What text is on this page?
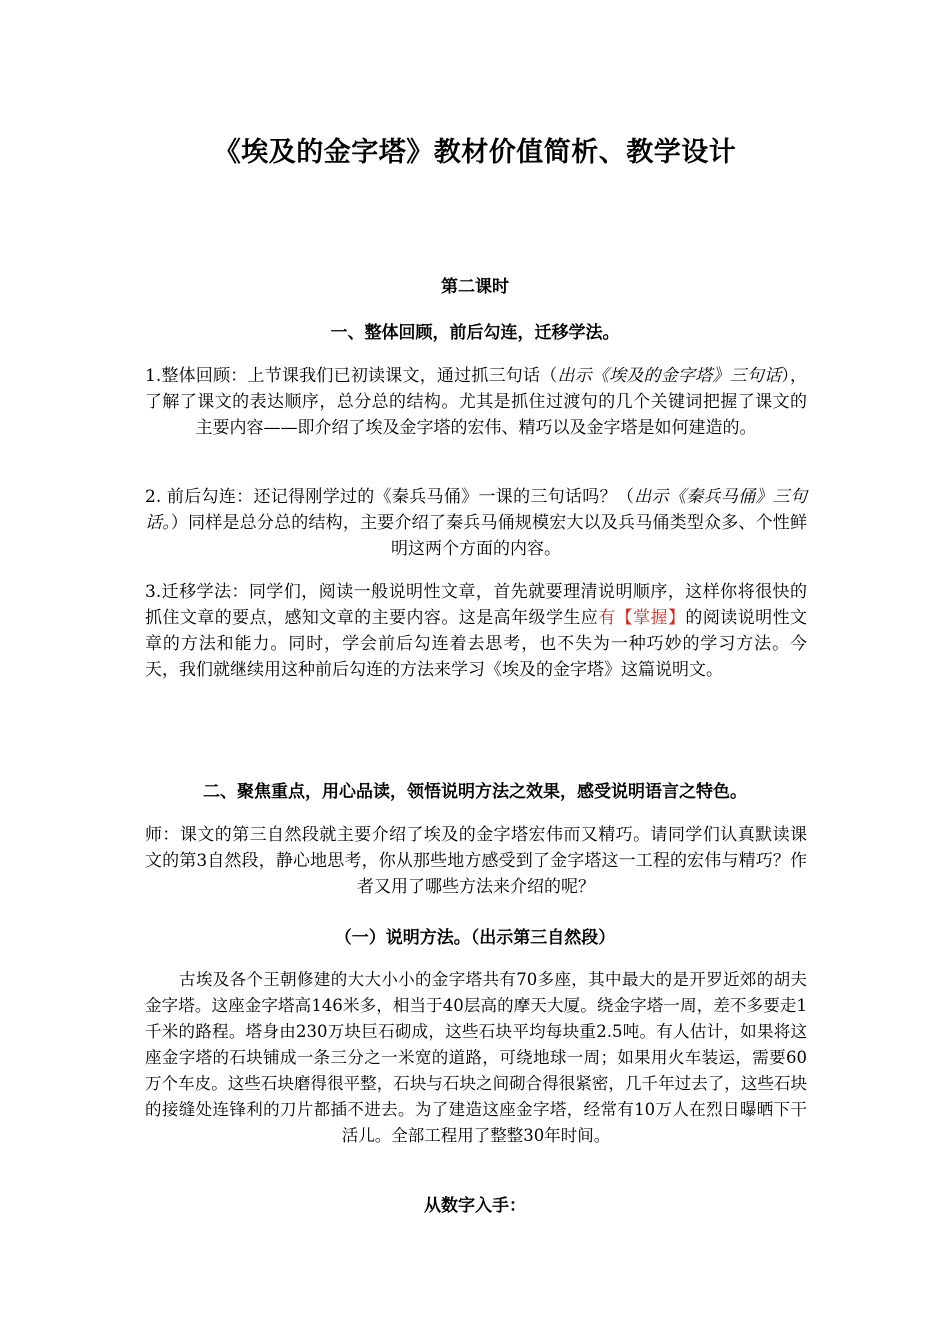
《埃及的金字塔》教材价值简析、教学设计
第二课时
一、整体回顾，前后勾连，迁移学法。

1.整体回顾：上节课我们已初读课文，通过抓三句话（出示《埃及的金字塔》三句话），了解了课文的表达顺序，总分总的结构。尤其是抓住过渡句的几个关键词把握了课文的主要内容——即介绍了埃及金字塔的宏伟、精巧以及金字塔是如何建造的。

2. 前后勾连：还记得刚学过的《秦兵马俑》一课的三句话吗？（出示《秦兵马俑》三句话。）同样是总分总的结构，主要介绍了秦兵马俑规模宏大以及兵马俑类型众多、个性鲜明这两个方面的内容。

3.迁移学法：同学们，阅读一般说明性文章，首先就要理清说明顺序，这样你将很快的抓住文章的要点，感知文章的主要内容。这是高年级学生应有【掌握】的阅读说明性文章的方法和能力。同时，学会前后勾连着去思考，也不失为一种巧妙的学习方法。今天，我们就继续用这种前后勾连的方法来学习《埃及的金字塔》这篇说明文。

二、聚焦重点，用心品读，领悟说明方法之效果，感受说明语言之特色。

师：课文的第三自然段就主要介绍了埃及的金字塔宏伟而又精巧。请同学们认真默读课文的第3自然段，静心地思考，你从那些地方感受到了金字塔这一工程的宏伟与精巧？作者又用了哪些方法来介绍的呢？

（一）说明方法。（出示第三自然段）

古埃及各个王朝修建的大大小小的金字塔共有70多座，其中最大的是开罗近郊的胡夫金字塔。这座金字塔高146米多，相当于40层高的摩天大厦。绕金字塔一周，差不多要走1千米的路程。塔身由230万块巨石砌成，这些石块平均每块重2.5吨。有人估计，如果将这座金字塔的石块铺成一条三分之一米宽的道路，可绕地球一周；如果用火车装运，需要60万个车皮。这些石块磨得很平整，石块与石块之间砌合得很紧密，几千年过去了，这些石块的接缝处连锋利的刀片都插不进去。为了建造这座金字塔，经常有10万人在烈日曝晒下干活儿。全部工程用了整整30年时间。

从数字入手：
